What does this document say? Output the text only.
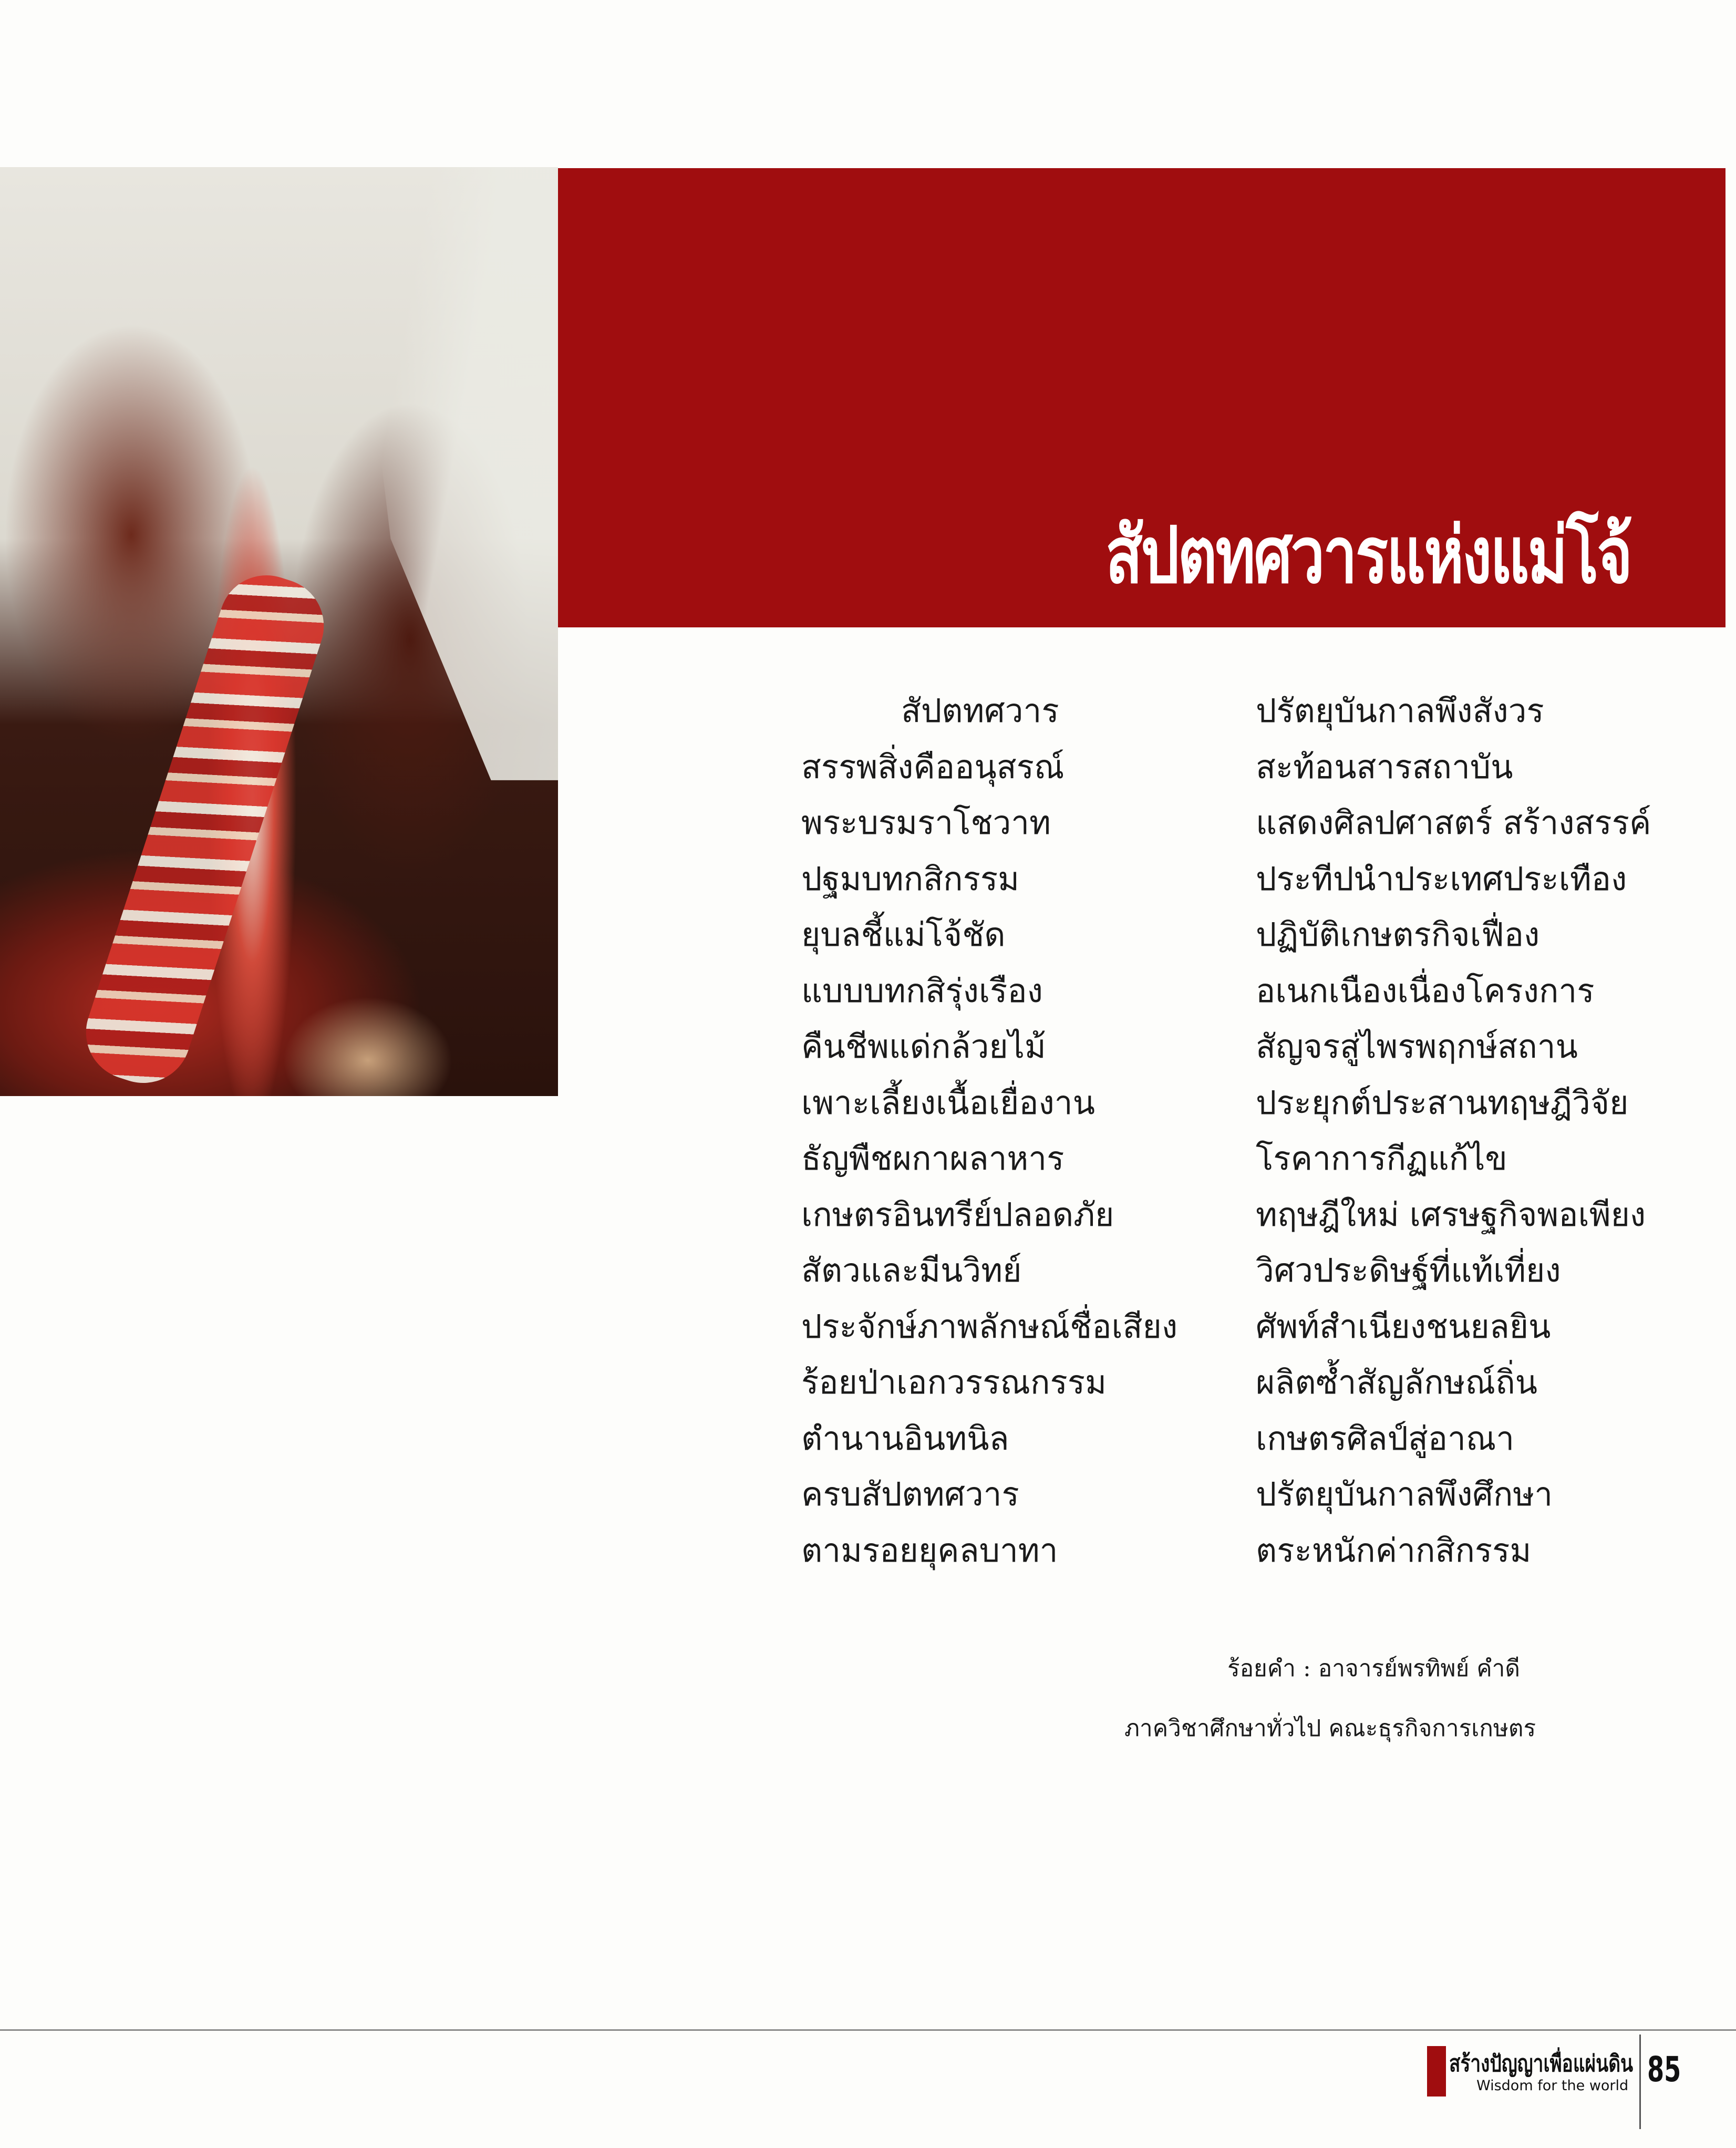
สัปตทศวารแห่งแม่โจ้
สัปตทศวาร
สรรพสิ่งคืออนุสรณ์
พระบรมราโชวาท
ปฐมบทกสิกรรม
ยุบลชี้แม่โจ้ชัด
แบบบทกสิรุ่งเรือง
คืนชีพแด่กล้วยไม้
เพาะเลี้ยงเนื้อเยื่องาน
ธัญพืชผกาผลาหาร
เกษตรอินทรีย์ปลอดภัย
สัตวและมีนวิทย์
ประจักษ์ภาพลักษณ์ชื่อเสียง
ร้อยป่าเอกวรรณกรรม
ตำนานอินทนิล
ครบสัปตทศวาร
ตามรอยยุคลบาทา
ปรัตยุบันกาลพึงสังวร
สะท้อนสารสถาบัน
แสดงศิลปศาสตร์ สร้างสรรค์
ประทีปนำประเทศประเทือง
ปฏิบัติเกษตรกิจเฟื่อง
อเนกเนืองเนื่องโครงการ
สัญจรสู่ไพรพฤกษ์สถาน
ประยุกต์ประสานทฤษฎีวิจัย
โรคาการกีฏแก้ไข
ทฤษฎีใหม่ เศรษฐกิจพอเพียง
วิศวประดิษฐ์ที่แท้เที่ยง
ศัพท์สำเนียงชนยลยิน
ผลิตซ้ำสัญลักษณ์ถิ่น
เกษตรศิลป์สู่อาณา
ปรัตยุบันกาลพึงศึกษา
ตระหนักค่ากสิกรรม
ร้อยคำ : อาจารย์พรทิพย์ คำดี
ภาควิชาศึกษาทั่วไป คณะธุรกิจการเกษตร
สร้างปัญญาเพื่อแผ่นดิน
Wisdom for the world 85
